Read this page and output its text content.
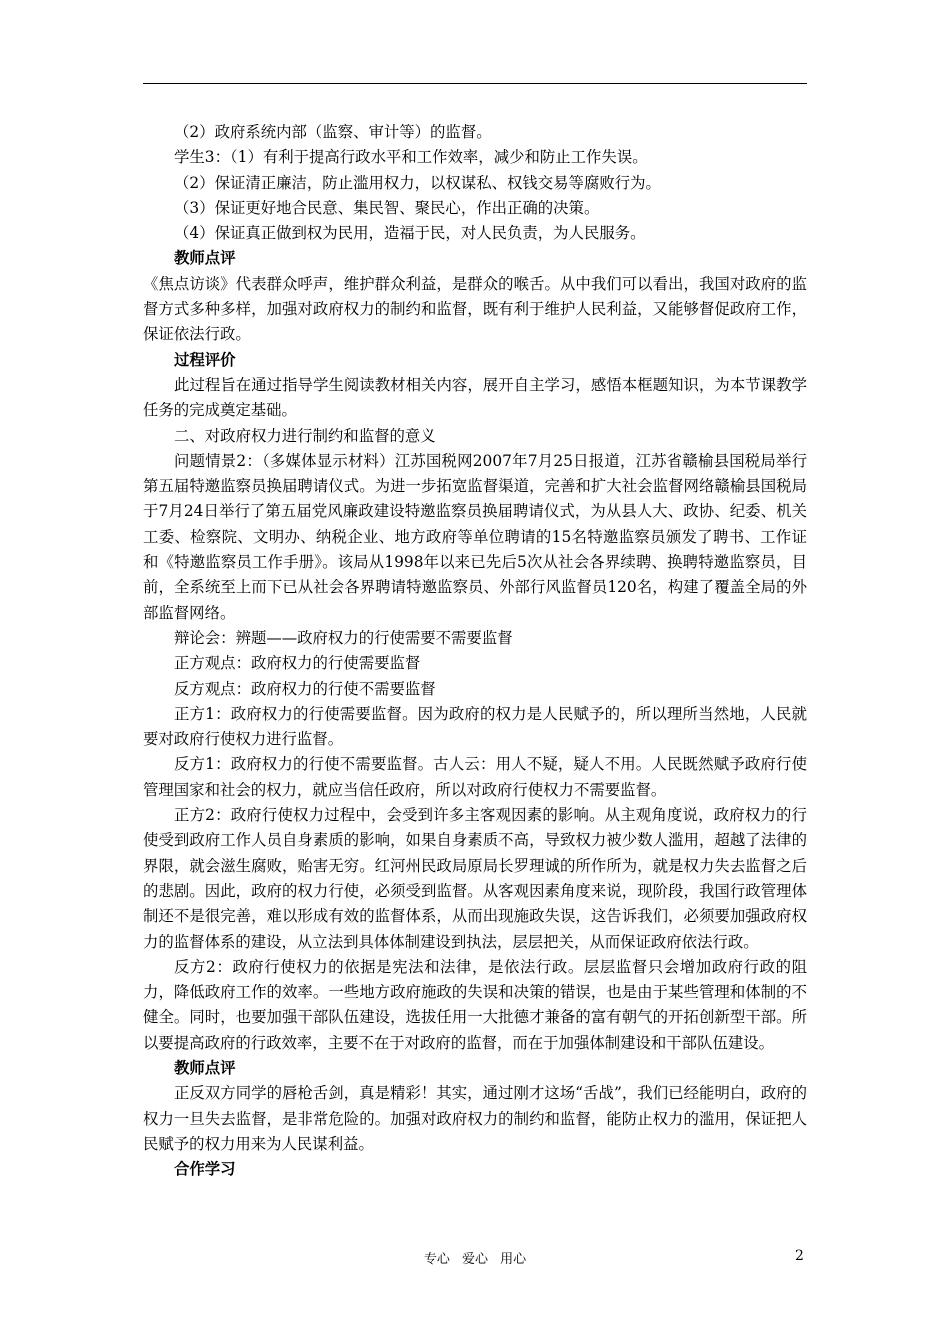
（2）政府系统内部（监察、审计等）的监督。

学生3：（1）有利于提高行政水平和工作效率，减少和防止工作失误。

（2）保证清正廉洁，防止滥用权力，以权谋私、权钱交易等腐败行为。

（3）保证更好地合民意、集民智、聚民心，作出正确的决策。

（4）保证真正做到权为民用，造福于民，对人民负责，为人民服务。

教师点评

《焦点访谈》代表群众呼声，维护群众利益，是群众的喉舌。从中我们可以看出，我国对政府的监督方式多种多样，加强对政府权力的制约和监督，既有利于维护人民利益，又能够督促政府工作，保证依法行政。

过程评价

此过程旨在通过指导学生阅读教材相关内容，展开自主学习，感悟本框题知识，为本节课教学任务的完成奠定基础。

二、对政府权力进行制约和监督的意义

问题情景2：（多媒体显示材料）江苏国税网2007年7月25日报道，江苏省赣榆县国税局举行第五届特邀监察员换届聘请仪式。为进一步拓宽监督渠道，完善和扩大社会监督网络赣榆县国税局于7月24日举行了第五届党风廉政建设特邀监察员换届聘请仪式，为从县人大、政协、纪委、机关工委、检察院、文明办、纳税企业、地方政府等单位聘请的15名特邀监察员颁发了聘书、工作证和《特邀监察员工作手册》。该局从1998年以来已先后5次从社会各界续聘、换聘特邀监察员，目前，全系统至上而下已从社会各界聘请特邀监察员、外部行风监督员120名，构建了覆盖全局的外部监督网络。

辩论会：辨题——政府权力的行使需要不需要监督

正方观点：政府权力的行使需要监督

反方观点：政府权力的行使不需要监督

正方1：政府权力的行使需要监督。因为政府的权力是人民赋予的，所以理所当然地，人民就要对政府行使权力进行监督。

反方1：政府权力的行使不需要监督。古人云：用人不疑，疑人不用。人民既然赋予政府行使管理国家和社会的权力，就应当信任政府，所以对政府行使权力不需要监督。

正方2：政府行使权力过程中，会受到许多主客观因素的影响。从主观角度说，政府权力的行使受到政府工作人员自身素质的影响，如果自身素质不高，导致权力被少数人滥用，超越了法律的界限，就会滋生腐败，贻害无穷。红河州民政局原局长罗理诚的所作所为，就是权力失去监督之后的悲剧。因此，政府的权力行使，必须受到监督。从客观因素角度来说，现阶段，我国行政管理体制还不是很完善，难以形成有效的监督体系，从而出现施政失误，这告诉我们，必须要加强政府权力的监督体系的建设，从立法到具体体制建设到执法，层层把关，从而保证政府依法行政。

反方2：政府行使权力的依据是宪法和法律，是依法行政。层层监督只会增加政府行政的阻力，降低政府工作的效率。一些地方政府施政的失误和决策的错误，也是由于某些管理和体制的不健全。同时，也要加强干部队伍建设，选拔任用一大批德才兼备的富有朝气的开拓创新型干部。所以要提高政府的行政效率，主要不在于对政府的监督，而在于加强体制建设和干部队伍建设。

教师点评

正反双方同学的唇枪舌剑，真是精彩！其实，通过刚才这场“舌战”，我们已经能明白，政府的权力一旦失去监督，是非常危险的。加强对政府权力的制约和监督，能防止权力的滥用，保证把人民赋予的权力用来为人民谋利益。

合作学习

专心 爱心 用心	2
